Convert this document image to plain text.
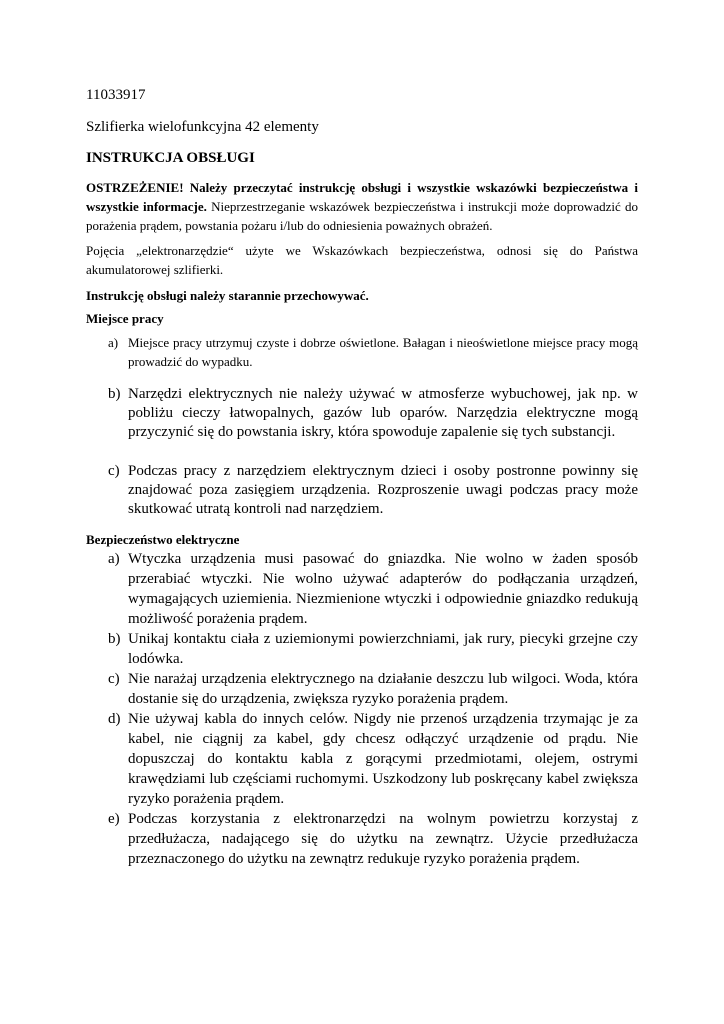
11033917

Szlifierka wielofunkcyjna 42 elementy

INSTRUKCJA OBSŁUGI

OSTRZEŻENIE! Należy przeczytać instrukcję obsługi i wszystkie wskazówki bezpieczeństwa i wszystkie informacje. Nieprzestrzeganie wskazówek bezpieczeństwa i instrukcji może doprowadzić do porażenia prądem, powstania pożaru i/lub do odniesienia poważnych obrażeń.

Pojęcia „elektronarzędzie“ użyte we Wskazówkach bezpieczeństwa, odnosi się do Państwa akumulatorowej szlifierki.

Instrukcję obsługi należy starannie przechowywać.

Miejsce pracy

a) Miejsce pracy utrzymuj czyste i dobrze oświetlone. Bałagan i nieoświetlone miejsce pracy mogą prowadzić do wypadku.
b) Narzędzi elektrycznych nie należy używać w atmosferze wybuchowej, jak np. w pobliżu cieczy łatwopalnych, gazów lub oparów. Narzędzia elektryczne mogą przyczynić się do powstania iskry, która spowoduje zapalenie się tych substancji.
c) Podczas pracy z narzędziem elektrycznym dzieci i osoby postronne powinny się znajdować poza zasięgiem urządzenia. Rozproszenie uwagi podczas pracy może skutkować utratą kontroli nad narzędziem.

Bezpieczeństwo elektryczne

a) Wtyczka urządzenia musi pasować do gniazdka. Nie wolno w żaden sposób przerabiać wtyczki. Nie wolno używać adapterów do podłączania urządzeń, wymagających uziemienia. Niezmienione wtyczki i odpowiednie gniazdko redukują możliwość porażenia prądem.
b) Unikaj kontaktu ciała z uziemionymi powierzchniami, jak rury, piecyki grzejne czy lodówka.
c) Nie narażaj urządzenia elektrycznego na działanie deszczu lub wilgoci. Woda, która dostanie się do urządzenia, zwiększa ryzyko porażenia prądem.
d) Nie używaj kabla do innych celów. Nigdy nie przenoś urządzenia trzymając je za kabel, nie ciągnij za kabel, gdy chcesz odłączyć urządzenie od prądu. Nie dopuszczaj do kontaktu kabla z gorącymi przedmiotami, olejem, ostrymi krawędziami lub częściami ruchomymi. Uszkodzony lub poskręcany kabel zwiększa ryzyko porażenia prądem.
e) Podczas korzystania z elektronarzędzi na wolnym powietrzu korzystaj z przedłużacza, nadającego się do użytku na zewnątrz. Użycie przedłużacza przeznaczonego do użytku na zewnątrz redukuje ryzyko porażenia prądem.
